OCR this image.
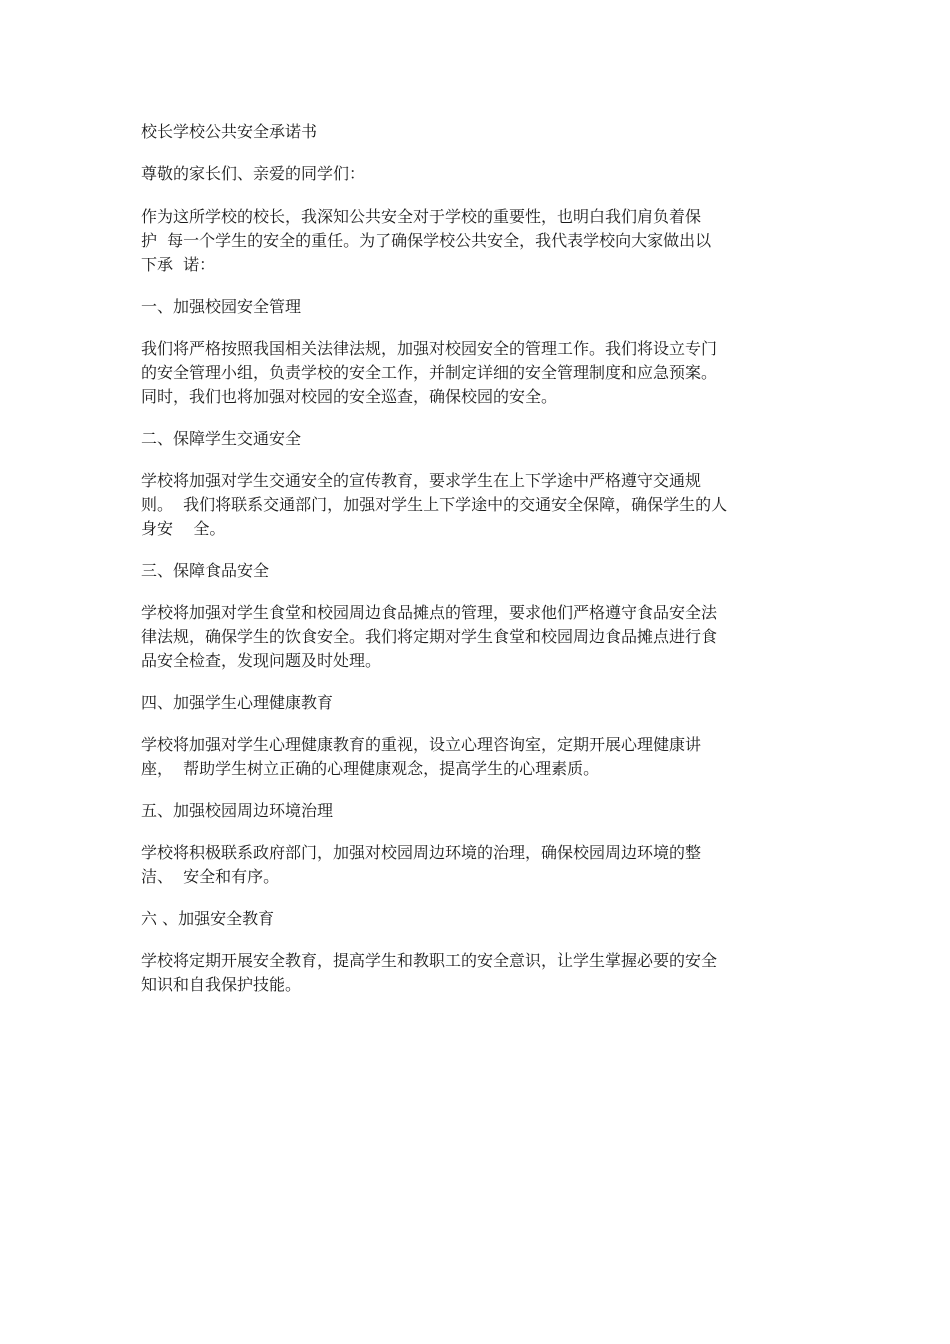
校长学校公共安全承诺书

尊敬的家长们、亲爱的同学们：

作为这所学校的校长，我深知公共安全对于学校的重要性，也明白我们肩负着保

护  每一个学生的安全的重任。为了确保学校公共安全，我代表学校向大家做出以

下承  诺：

一、加强校园安全管理

我们将严格按照我国相关法律法规，加强对校园安全的管理工作。我们将设立专门

的安全管理小组，负责学校的安全工作，并制定详细的安全管理制度和应急预案。

同时，我们也将加强对校园的安全巡查，确保校园的安全。

二、保障学生交通安全

学校将加强对学生交通安全的宣传教育，要求学生在上下学途中严格遵守交通规

则。  我们将联系交通部门，加强对学生上下学途中的交通安全保障，确保学生的人

身安    全。

三、保障食品安全

学校将加强对学生食堂和校园周边食品摊点的管理，要求他们严格遵守食品安全法

律法规，确保学生的饮食安全。我们将定期对学生食堂和校园周边食品摊点进行食

品安全检查，发现问题及时处理。

四、加强学生心理健康教育

学校将加强对学生心理健康教育的重视，设立心理咨询室，定期开展心理健康讲

座，  帮助学生树立正确的心理健康观念，提高学生的心理素质。

五、加强校园周边环境治理

学校将积极联系政府部门，加强对校园周边环境的治理，确保校园周边环境的整

洁、  安全和有序。

六 、加强安全教育

学校将定期开展安全教育，提高学生和教职工的安全意识，让学生掌握必要的安全

知识和自我保护技能。
